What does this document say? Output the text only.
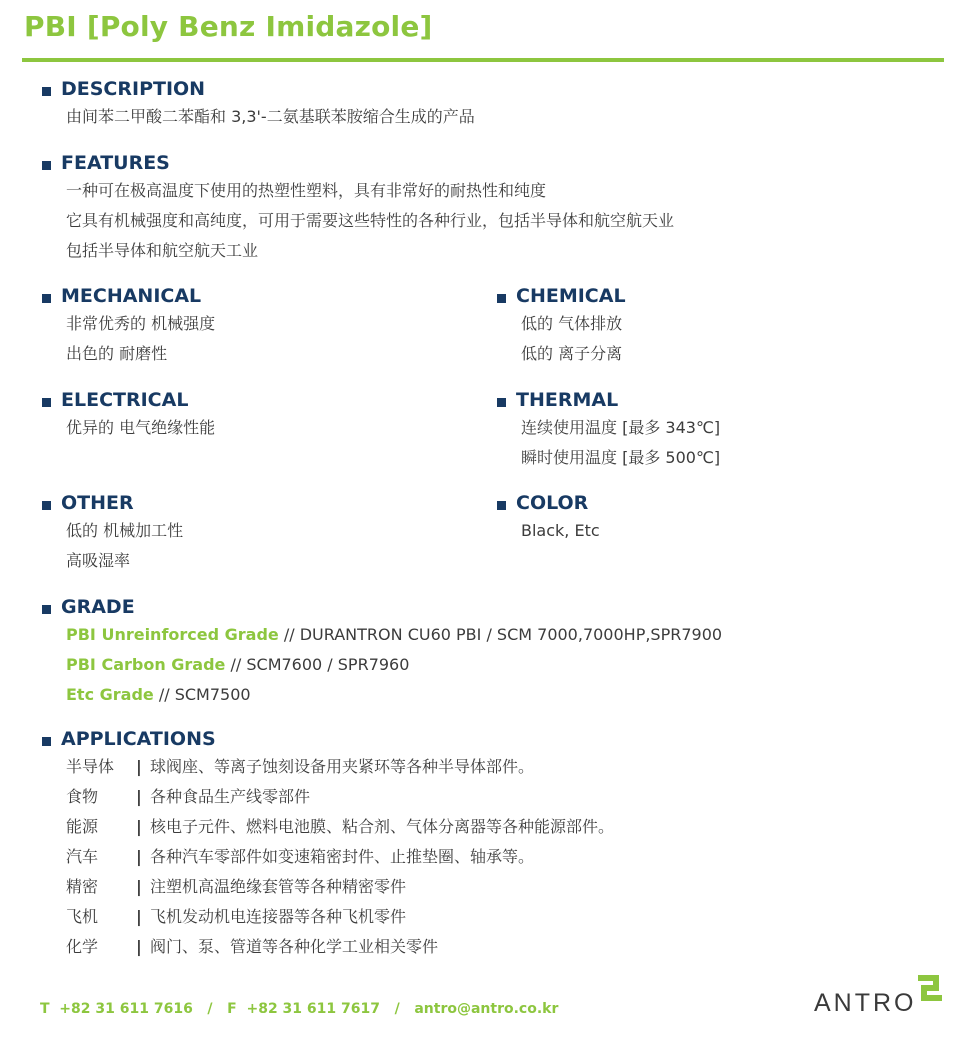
PBI [Poly Benz Imidazole]
DESCRIPTION
由间苯二甲酸二苯酯和 3,3'-二氨基联苯胺缩合生成的产品
FEATURES
一种可在极高温度下使用的热塑性塑料，具有非常好的耐热性和纯度
它具有机械强度和高纯度，可用于需要这些特性的各种行业，包括半导体和航空航天业
包括半导体和航空航天工业
MECHANICAL
非常优秀的 机械强度
出色的 耐磨性
CHEMICAL
低的 气体排放
低的 离子分离
ELECTRICAL
优异的 电气绝缘性能
THERMAL
连续使用温度 [最多 343℃]
瞬时使用温度 [最多 500℃]
OTHER
低的 机械加工性
高吸湿率
COLOR
Black, Etc
GRADE
PBI Unreinforced Grade // DURANTRON CU60 PBI / SCM 7000,7000HP,SPR7900
PBI Carbon Grade // SCM7600 / SPR7960
Etc Grade // SCM7500
APPLICATIONS
半导体	| 球阀座、等离子蚀刻设备用夹紧环等各种半导体部件。
食物	| 各种食品生产线零部件
能源	| 核电子元件、燃料电池膜、粘合剂、气体分离器等各种能源部件。
汽车	| 各种汽车零部件如变速箱密封件、止推垫圈、轴承等。
精密	| 注塑机高温绝缘套管等各种精密零件
飞机	| 飞机发动机电连接器等各种飞机零件
化学	| 阀门、泵、管道等各种化学工业相关零件
T  +82 31 611 7616   /   F  +82 31 611 7617   /   antro@antro.co.kr	ANTRO
